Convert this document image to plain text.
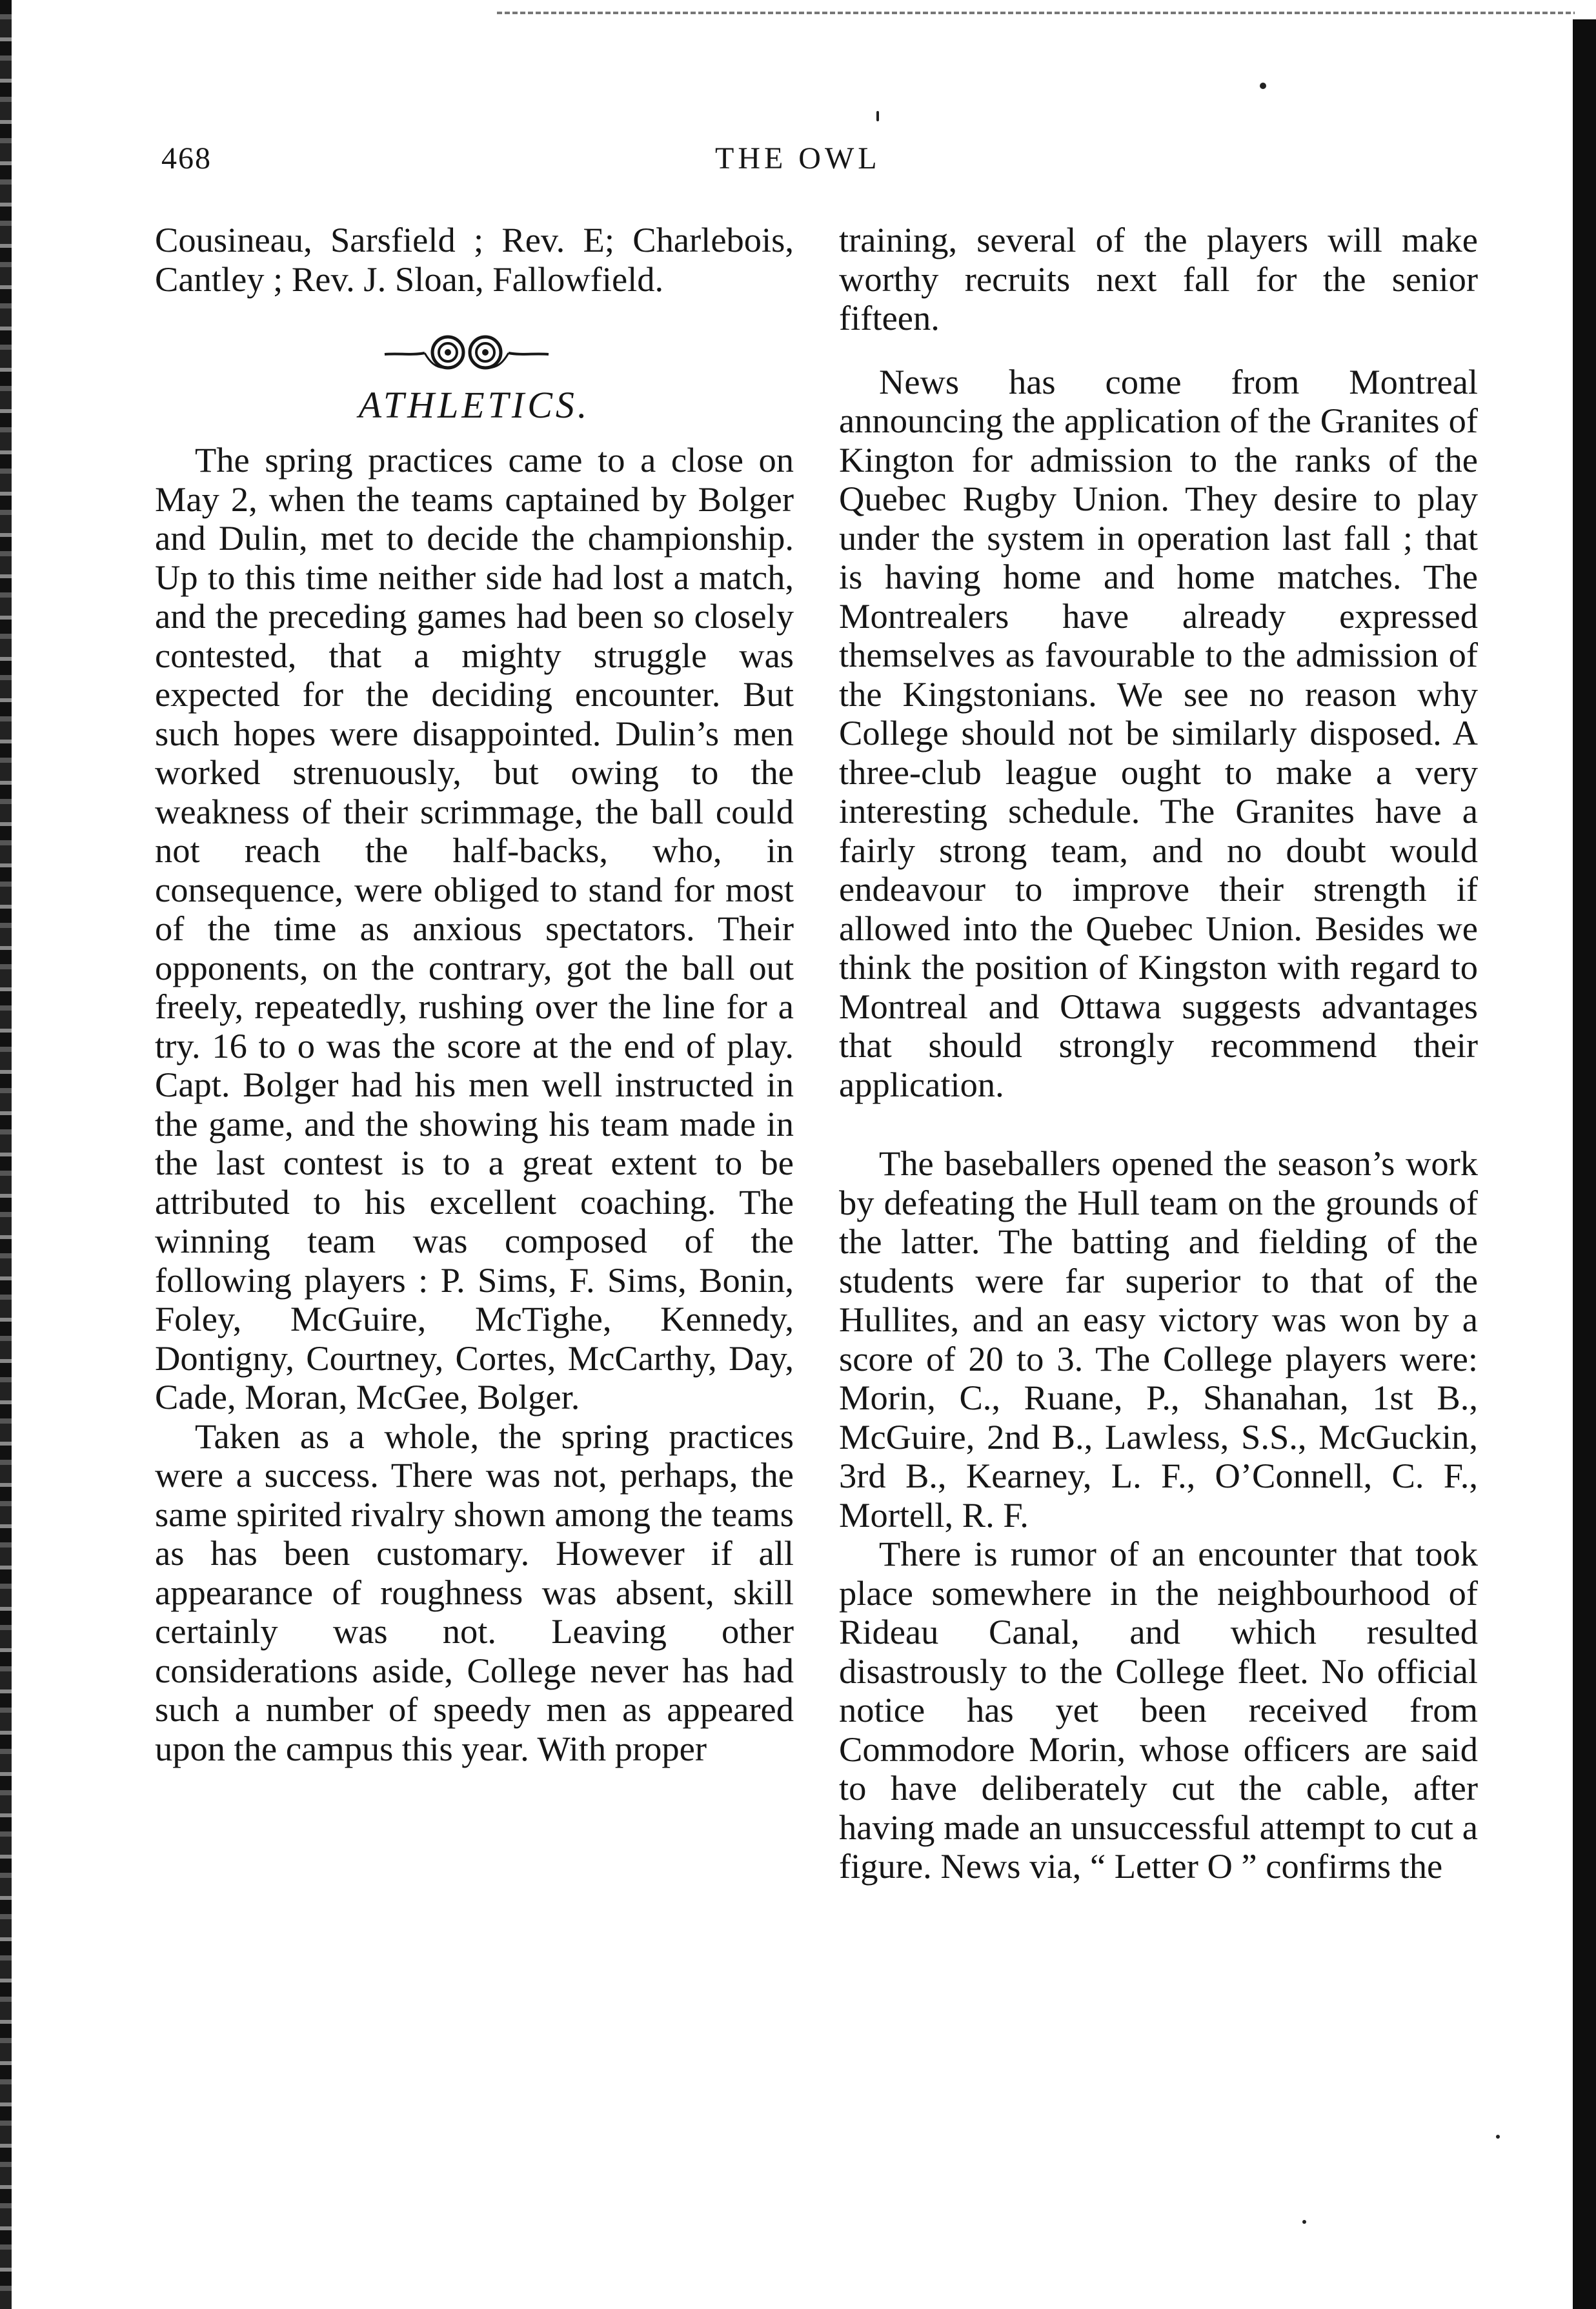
468	THE OWL

Cousineau, Sarsfield ; Rev. E; Charlebois, Cantley ; Rev. J. Sloan, Fallowfield.

ATHLETICS.

The spring practices came to a close on May 2, when the teams captained by Bolger and Dulin, met to decide the championship. Up to this time neither side had lost a match, and the preceding games had been so closely contested, that a mighty struggle was expected for the deciding encounter. But such hopes were disappointed. Dulin’s men worked strenuously, but owing to the weakness of their scrimmage, the ball could not reach the half-backs, who, in consequence, were obliged to stand for most of the time as anxious spectators. Their opponents, on the contrary, got the ball out freely, repeatedly, rushing over the line for a try. 16 to o was the score at the end of play. Capt. Bolger had his men well instructed in the game, and the showing his team made in the last contest is to a great extent to be attributed to his excellent coaching. The winning team was composed of the following players : P. Sims, F. Sims, Bonin, Foley, McGuire, McTighe, Kennedy, Dontigny, Courtney, Cortes, McCarthy, Day, Cade, Moran, McGee, Bolger.

Taken as a whole, the spring practices were a success. There was not, perhaps, the same spirited rivalry shown among the teams as has been customary. However if all appearance of roughness was absent, skill certainly was not. Leaving other considerations aside, College never has had such a number of speedy men as appeared upon the campus this year. With proper

training, several of the players will make worthy recruits next fall for the senior fifteen.

News has come from Montreal announcing the application of the Granites of Kington for admission to the ranks of the Quebec Rugby Union. They desire to play under the system in operation last fall ; that is having home and home matches. The Montrealers have already expressed themselves as favourable to the admission of the Kingstonians. We see no reason why College should not be similarly disposed. A three-club league ought to make a very interesting schedule. The Granites have a fairly strong team, and no doubt would endeavour to improve their strength if allowed into the Quebec Union. Besides we think the position of Kingston with regard to Montreal and Ottawa suggests advantages that should strongly recommend their application.

The baseballers opened the season’s work by defeating the Hull team on the grounds of the latter. The batting and fielding of the students were far superior to that of the Hullites, and an easy victory was won by a score of 20 to 3. The College players were: Morin, C., Ruane, P., Shanahan, 1st B., McGuire, 2nd B., Lawless, S.S., McGuckin, 3rd B., Kearney, L. F., O’Connell, C. F., Mortell, R. F.

There is rumor of an encounter that took place somewhere in the neighbourhood of Rideau Canal, and which resulted disastrously to the College fleet. No official notice has yet been received from Commodore Morin, whose officers are said to have deliberately cut the cable, after having made an unsuccessful attempt to cut a figure. News via, “ Letter O ” confirms the
